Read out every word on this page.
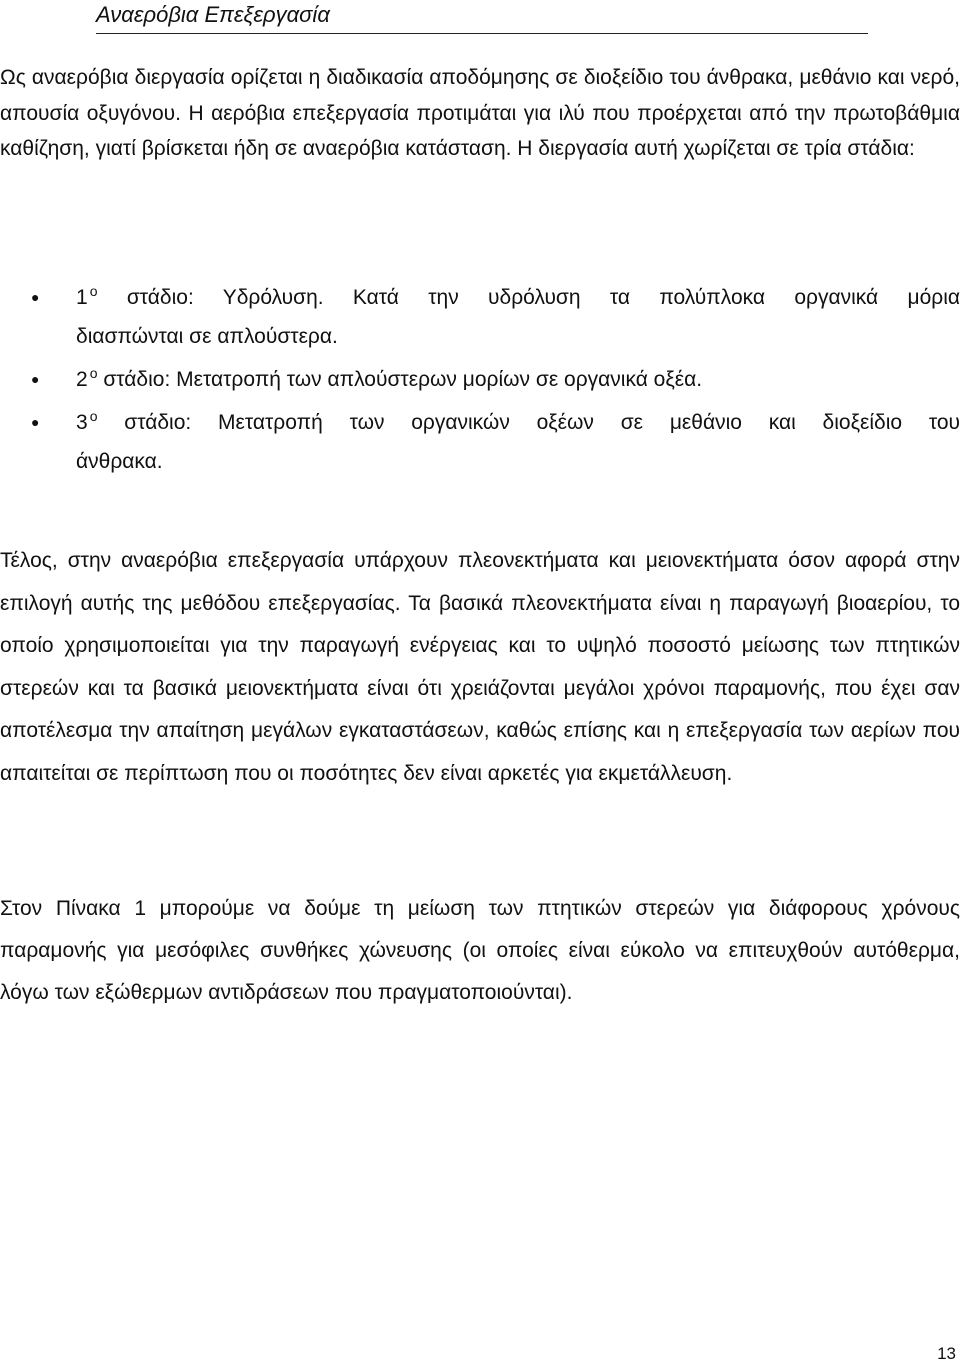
Αναερόβια Επεξεργασία

Ως αναερόβια διεργασία ορίζεται η διαδικασία αποδόμησης σε διοξείδιο του άνθρακα, μεθάνιο και νερό, απουσία οξυγόνου. Η αερόβια επεξεργασία προτιμάται για ιλύ που προέρχεται από την πρωτοβάθμια καθίζηση, γιατί βρίσκεται ήδη σε αναερόβια κατάσταση. Η διεργασία αυτή χωρίζεται σε τρία στάδια:

●	1 $^o$ στάδιο: Υδρόλυση. Κατά την υδρόλυση τα πολύπλοκα οργανικά μόρια
διασπώνται σε απλούστερα.
●	2 $^o$ στάδιο: Μετατροπή των απλούστερων μορίων σε οργανικά οξέα.
●	3 $^o$ στάδιο: Μετατροπή των οργανικών οξέων σε μεθάνιο και διοξείδιο του
άνθρακα.

Τέλος, στην αναερόβια επεξεργασία υπάρχουν πλεονεκτήματα και μειονεκτήματα όσον αφορά στην επιλογή αυτής της μεθόδου επεξεργασίας. Τα βασικά πλεονεκτήματα είναι η παραγωγή βιοαερίου, το οποίο χρησιμοποιείται για την παραγωγή ενέργειας και το υψηλό ποσοστό μείωσης των πτητικών στερεών και τα βασικά μειονεκτήματα είναι ότι χρειάζονται μεγάλοι χρόνοι παραμονής, που έχει σαν αποτέλεσμα την απαίτηση μεγάλων εγκαταστάσεων, καθώς επίσης και η επεξεργασία των αερίων που απαιτείται σε περίπτωση που οι ποσότητες δεν είναι αρκετές για εκμετάλλευση.

Στον Πίνακα 1 μπορούμε να δούμε τη μείωση των πτητικών στερεών για διάφορους χρόνους παραμονής για μεσόφιλες συνθήκες χώνευσης (οι οποίες είναι εύκολο να επιτευχθούν αυτόθερμα, λόγω των εξώθερμων αντιδράσεων που πραγματοποιούνται).

13
